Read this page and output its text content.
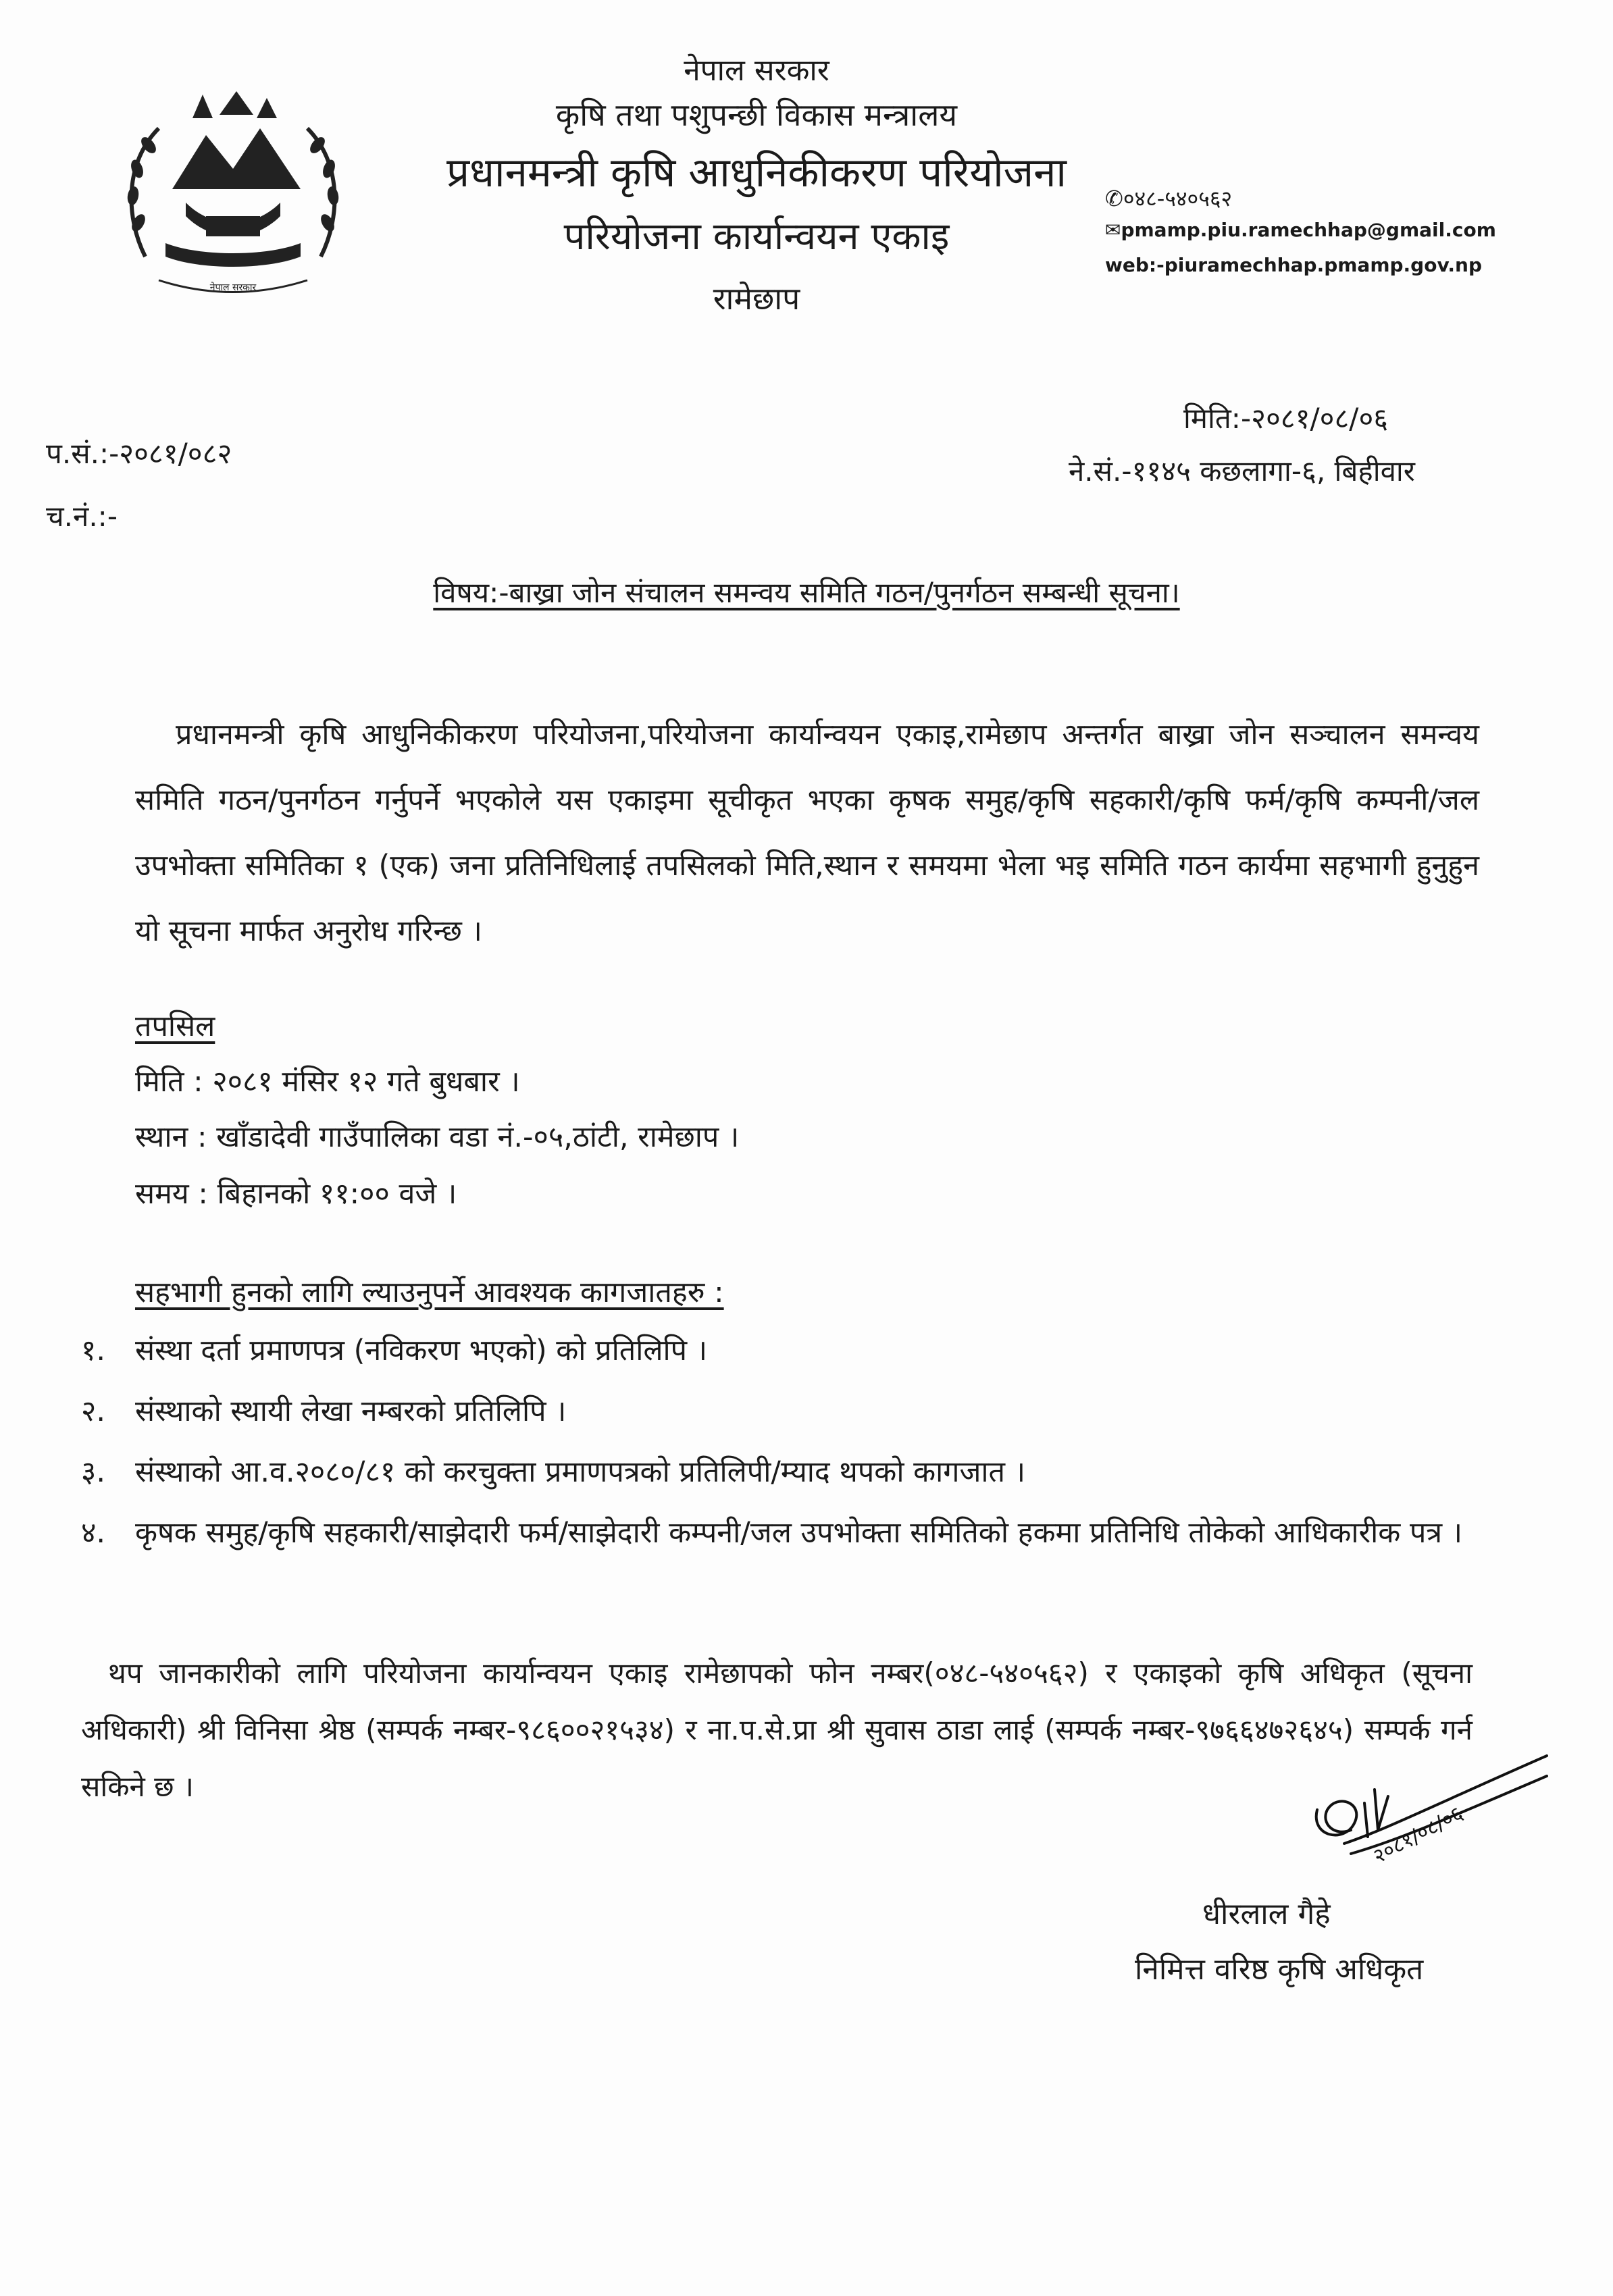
नेपाल सरकार
नेपाल सरकार
कृषि तथा पशुपन्छी विकास मन्त्रालय
प्रधानमन्त्री कृषि आधुनिकीकरण परियोजना
परियोजना कार्यान्वयन एकाइ
रामेछाप
✆०४८-५४०५६२
✉pmamp.piu.ramechhap@gmail.com
web:-piuramechhap.pmamp.gov.np
मिति:-२०८१/०८/०६
ने.सं.-११४५ कछलागा-६, बिहीवार
प.सं.:-२०८१/०८२
च.नं.:-
विषय:-बाख्रा जोन संचालन समन्वय समिति गठन/पुनर्गठन सम्बन्धी सूचना।
प्रधानमन्त्री कृषि आधुनिकीकरण परियोजना,परियोजना कार्यान्वयन एकाइ,रामेछाप अन्तर्गत बाख्रा जोन सञ्चालन समन्वय समिति गठन/पुनर्गठन गर्नुपर्ने भएकोले यस एकाइमा सूचीकृत भएका कृषक समुह/कृषि सहकारी/कृषि फर्म/कृषि कम्पनी/जल उपभोक्ता समितिका १ (एक) जना प्रतिनिधिलाई तपसिलको मिति,स्थान र समयमा भेला भइ समिति गठन कार्यमा सहभागी हुनुहुन यो सूचना मार्फत अनुरोध गरिन्छ ।
तपसिल
मिति : २०८१ मंसिर १२ गते बुधबार ।
स्थान : खाँडादेवी गाउँपालिका वडा नं.-०५,ठांटी, रामेछाप ।
समय : बिहानको ११:०० वजे ।
सहभागी हुनको लागि ल्याउनुपर्ने आवश्यक कागजातहरु :
१. संस्था दर्ता प्रमाणपत्र (नविकरण भएको) को प्रतिलिपि ।
२. संस्थाको स्थायी लेखा नम्बरको प्रतिलिपि ।
३. संस्थाको आ.व.२०८०/८१ को करचुक्ता प्रमाणपत्रको प्रतिलिपी/म्याद थपको कागजात ।
४. कृषक समुह/कृषि सहकारी/साझेदारी फर्म/साझेदारी कम्पनी/जल उपभोक्ता समितिको हकमा प्रतिनिधि तोकेको आधिकारीक पत्र ।
थप जानकारीको लागि परियोजना कार्यान्वयन एकाइ रामेछापको फोन नम्बर(०४८-५४०५६२) र एकाइको कृषि अधिकृत (सूचना अधिकारी) श्री विनिसा श्रेष्ठ (सम्पर्क नम्बर-९८६००२१५३४) र ना.प.से.प्रा श्री सुवास ठाडा लाई (सम्पर्क नम्बर-९७६६४७२६४५) सम्पर्क गर्न सकिने छ ।
२०८१/०८/०६
धीरलाल गैहे
निमित्त वरिष्ठ कृषि अधिकृत
